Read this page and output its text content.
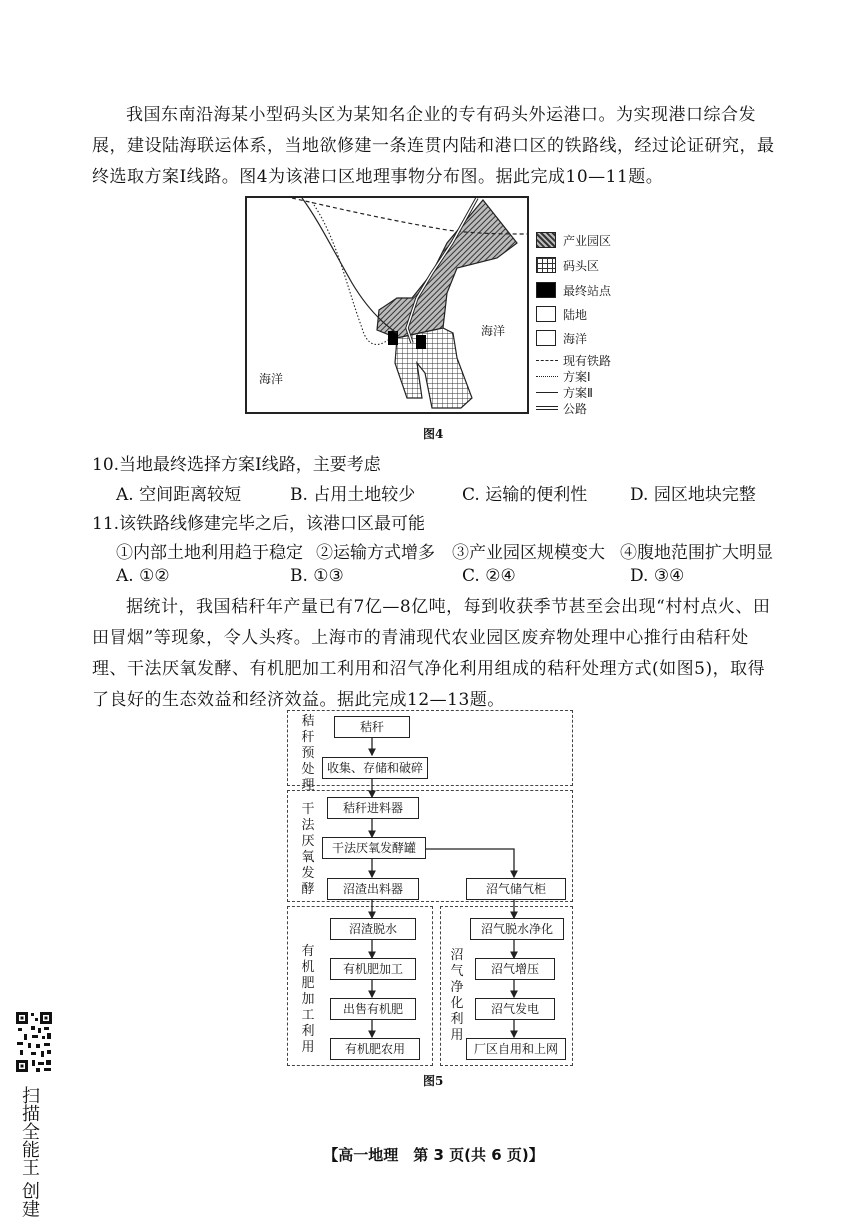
我国东南沿海某小型码头区为某知名企业的专有码头外运港口。为实现港口综合发展，建设陆海联运体系，当地欲修建一条连贯内陆和港口区的铁路线，经过论证研究，最终选取方案Ⅰ线路。图4为该港口区地理事物分布图。据此完成10—11题。
海洋
海洋
产业园区
码头区
最终站点
陆地
海洋
现有铁路
方案Ⅰ
方案Ⅱ
公路
图4
10.当地最终选择方案Ⅰ线路，主要考虑
A. 空间距离较短	B. 占用土地较少	C. 运输的便利性	D. 园区地块完整
11.该铁路线修建完毕之后，该港口区最可能
①内部土地利用趋于稳定 ②运输方式增多 ③产业园区规模变大 ④腹地范围扩大明显
A. ①②	B. ①③	C. ②④	D. ③④
据统计，我国秸秆年产量已有7亿—8亿吨，每到收获季节甚至会出现“村村点火、田田冒烟”等现象，令人头疼。上海市的青浦现代农业园区废弃物处理中心推行由秸秆处理、干法厌氧发酵、有机肥加工利用和沼气净化利用组成的秸秆处理方式(如图5)，取得了良好的生态效益和经济效益。据此完成12—13题。
秸秆预处理
干法厌氧发酵
有机肥加工利用
沼气净化利用
秸秆
收集、存储和破碎
秸秆进料器
干法厌氧发酵罐
沼渣出料器	沼气储气柜
沼渣脱水
有机肥加工
出售有机肥
有机肥农用
沼气脱水净化
沼气增压
沼气发电
厂区自用和上网
图5
【高一地理　第 3 页(共 6 页)】
扫描全能王 创建
